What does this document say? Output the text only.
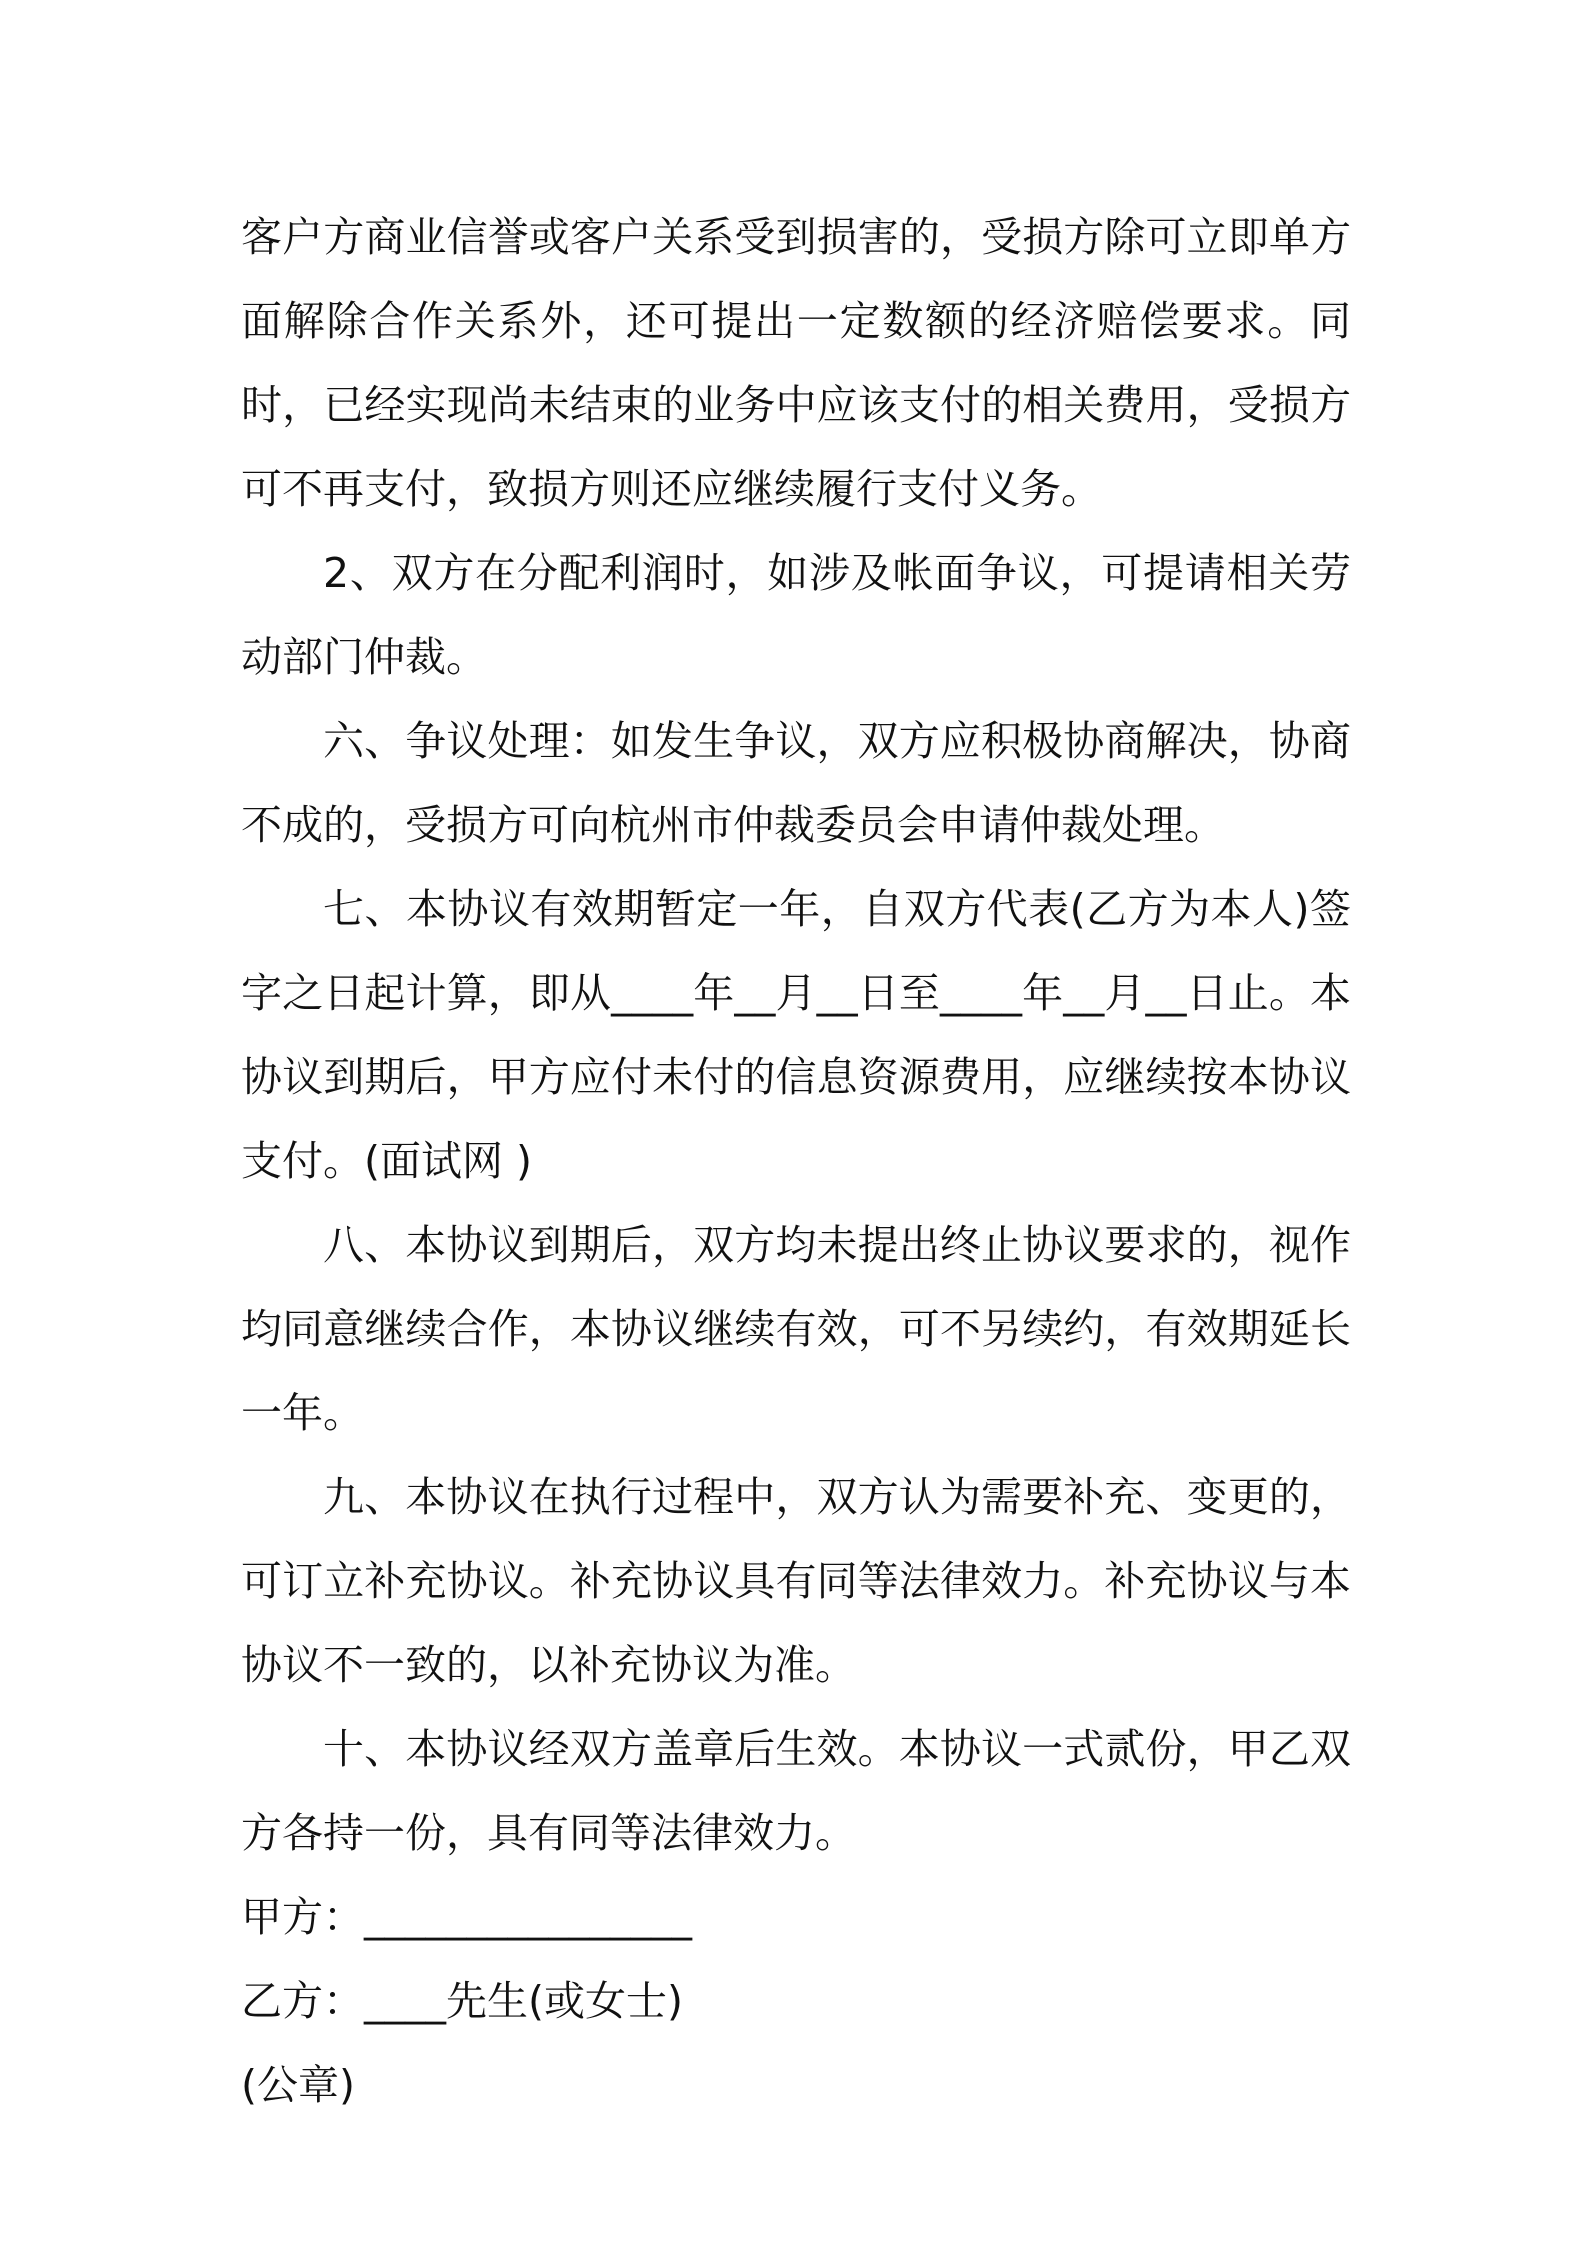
客户方商业信誉或客户关系受到损害的，受损方除可立即单方面解除合作关系外，还可提出一定数额的经济赔偿要求。同时，已经实现尚未结束的业务中应该支付的相关费用，受损方可不再支付，致损方则还应继续履行支付义务。

2、双方在分配利润时，如涉及帐面争议，可提请相关劳动部门仲裁。

六、争议处理：如发生争议，双方应积极协商解决，协商不成的，受损方可向杭州市仲裁委员会申请仲裁处理。

七、本协议有效期暂定一年，自双方代表(乙方为本人)签字之日起计算，即从____年__月__日至____年__月__日止。本协议到期后，甲方应付未付的信息资源费用，应继续按本协议支付。(面试网 )

八、本协议到期后，双方均未提出终止协议要求的，视作均同意继续合作，本协议继续有效，可不另续约，有效期延长一年。

九、本协议在执行过程中，双方认为需要补充、变更的，可订立补充协议。补充协议具有同等法律效力。补充协议与本协议不一致的，以补充协议为准。

十、本协议经双方盖章后生效。本协议一式贰份，甲乙双方各持一份，具有同等法律效力。

甲方：________________

乙方：____先生(或女士)

(公章)
